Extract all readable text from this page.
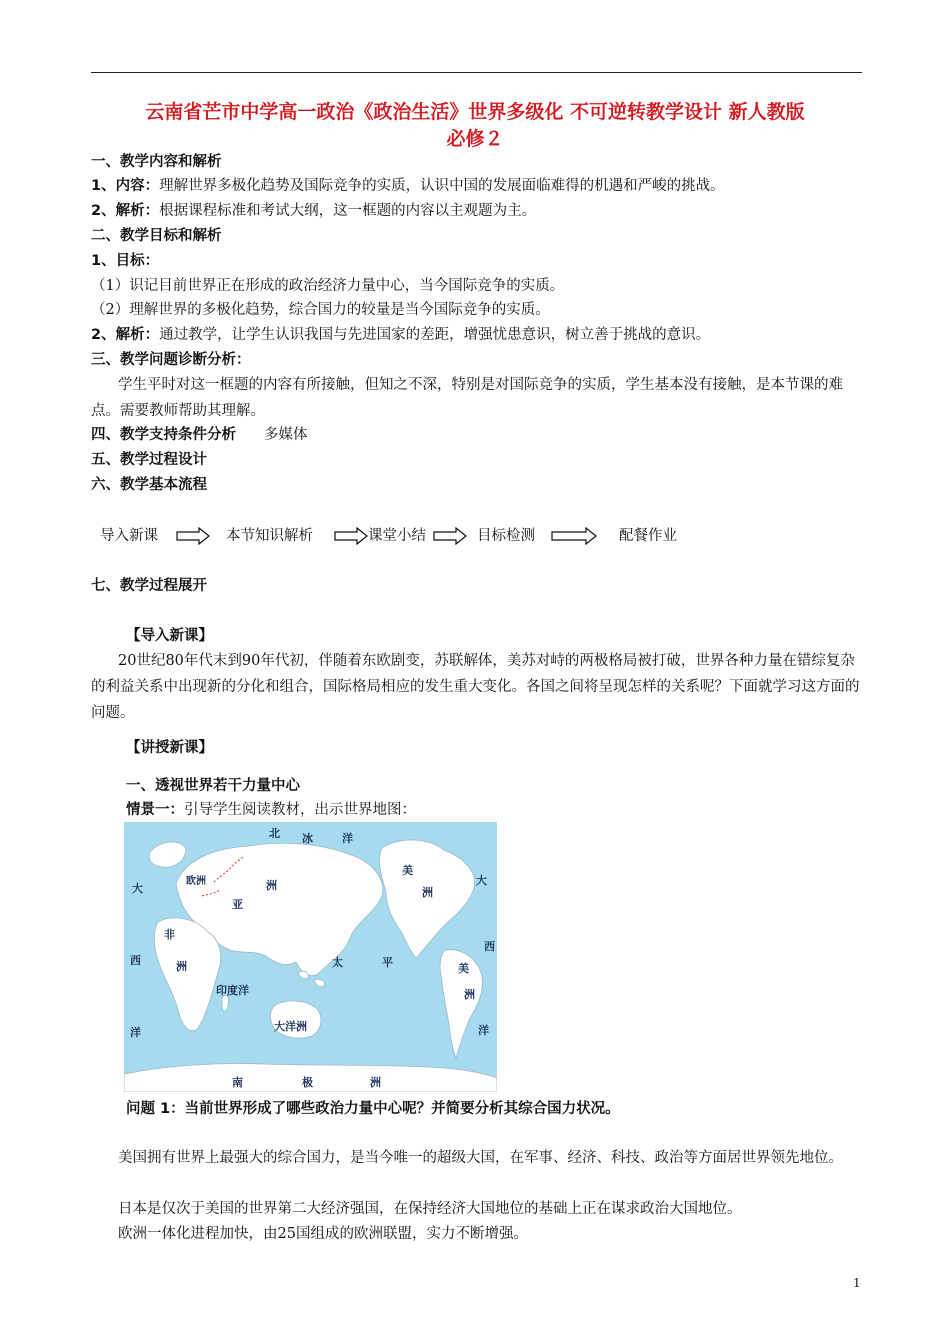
云南省芒市中学高一政治《政治生活》世界多级化 不可逆转教学设计 新人教版
必修２
一、教学内容和解析
1、内容：理解世界多极化趋势及国际竞争的实质，认识中国的发展面临难得的机遇和严峻的挑战。
2、解析：根据课程标准和考试大纲，这一框题的内容以主观题为主。
二、教学目标和解析
1、目标：
（1）识记目前世界正在形成的政治经济力量中心，当今国际竞争的实质。
（2）理解世界的多极化趋势，综合国力的较量是当今国际竞争的实质。
2、解析：通过教学，让学生认识我国与先进国家的差距，增强忧患意识，树立善于挑战的意识。
三、教学问题诊断分析：
学生平时对这一框题的内容有所接触，但知之不深，特别是对国际竞争的实质，学生基本没有接触，是本节课的难点。需要教师帮助其理解。
四、教学支持条件分析 多媒体
五、教学过程设计
六、教学基本流程
导入新课	本节知识解析	课堂小结	目标检测	配餐作业
七、教学过程展开
【导入新课】
20世纪80年代末到90年代初，伴随着东欧剧变，苏联解体，美苏对峙的两极格局被打破，世界各种力量在错综复杂的利益关系中出现新的分化和组合，国际格局相应的发生重大变化。各国之间将呈现怎样的关系呢？下面就学习这方面的问题。
【讲授新课】
一、透视世界若干力量中心
情景一：引导学生阅读教材，出示世界地图：
北 冰	洋
欧洲	洲
亚
非
洲
大
西
洋
美
洲
大
西
洋
太	平	美
洲
印度洋
大洋洲
南	极	洲
问题 1：当前世界形成了哪些政治力量中心呢？并简要分析其综合国力状况。
美国拥有世界上最强大的综合国力，是当今唯一的超级大国，在军事、经济、科技、政治等方面居世界领先地位。
日本是仅次于美国的世界第二大经济强国，在保持经济大国地位的基础上正在谋求政治大国地位。
欧洲一体化进程加快，由25国组成的欧洲联盟，实力不断增强。
1
